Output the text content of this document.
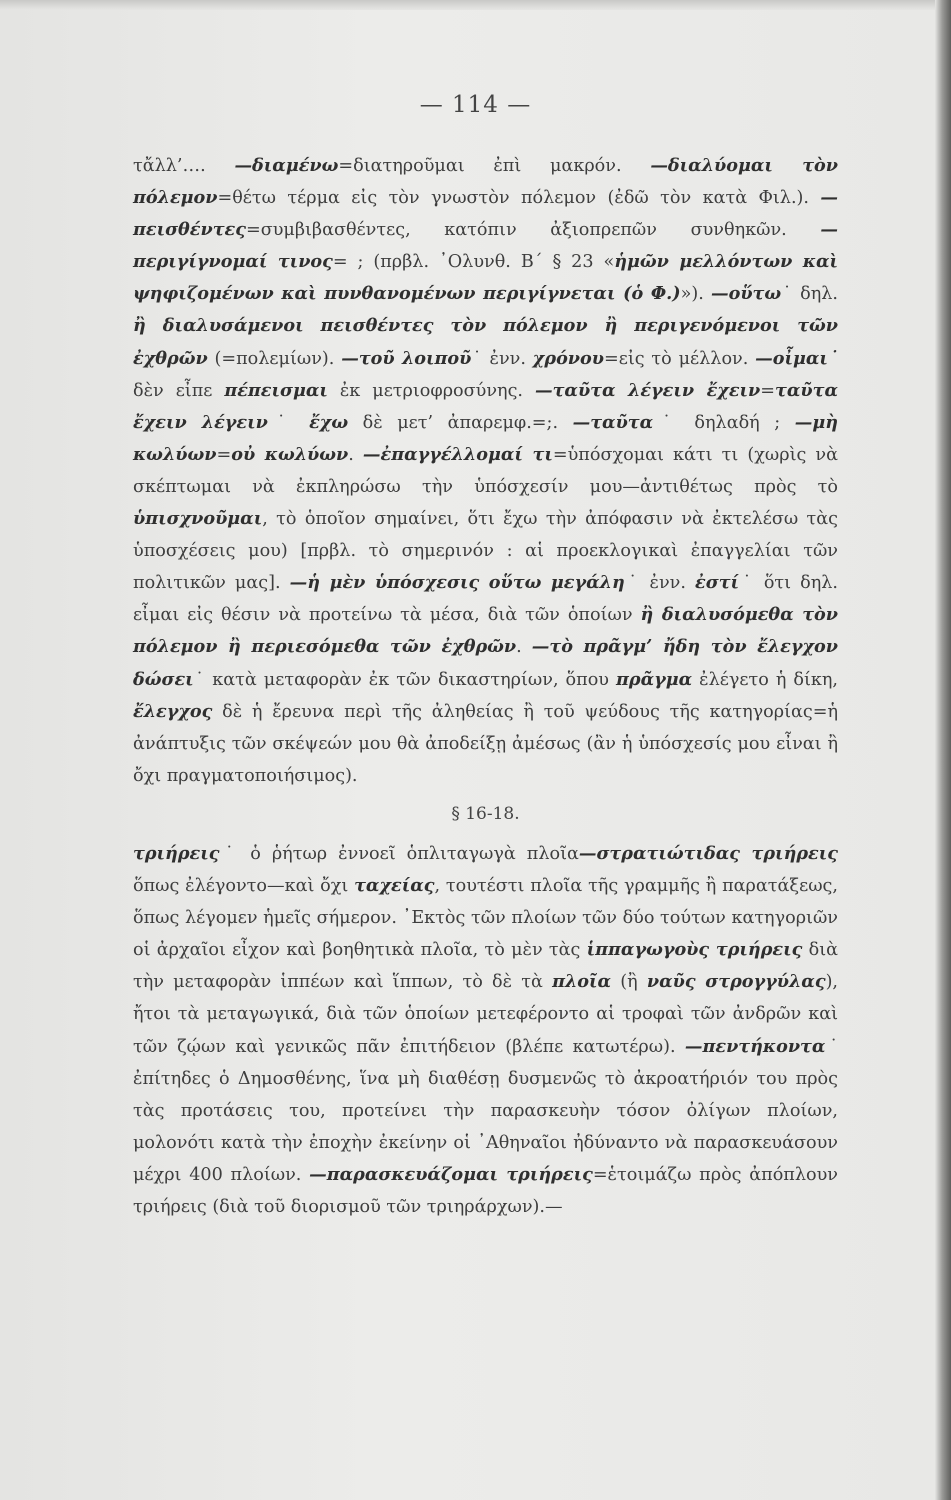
— 114 —

τἄλλ’…. —διαμένω=διατηροῦμαι ἐπὶ μακρόν. —διαλύομαι τὸν πόλεμον=θέτω τέρμα εἰς τὸν γνωστὸν πόλεμον (ἐδῶ τὸν κατὰ Φιλ.). —πεισθέντες=συμβιβασθέντες, κατόπιν ἀξιοπρεπῶν συνθηκῶν. — περιγίγνομαί τινος= ; (πρβλ. ᾿Ολυνθ. Β΄ § 23 «ἡμῶν μελλόντων καὶ ψηφιζομένων καὶ πυνθανομένων περιγίγνεται (ὁ Φ.)»). —οὕτω˙ δηλ. ἢ διαλυσάμενοι πεισθέντες τὸν πόλεμον ἢ περιγενόμενοι τῶν ἐχθρῶν (=πολεμίων). —τοῦ λοιποῦ˙ ἐνν. χρόνου=εἰς τὸ μέλλον. —οἶμαι˙ δὲν εἶπε πέπεισμαι ἐκ μετριοφροσύνης. —ταῦτα λέγειν ἔχειν=ταῦτα ἔχειν λέγειν˙ ἔχω δὲ μετ’ ἀπαρεμφ.=;. —ταῦτα˙ δηλαδή ; —μὴ κωλύων=οὐ κωλύων. —ἐπαγγέλλομαί τι=ὑπόσχομαι κάτι τι (χωρὶς νὰ σκέπτωμαι νὰ ἐκπληρώσω τὴν ὑπόσχεσίν μου—ἀντιθέτως πρὸς τὸ ὑπισχνοῦμαι, τὸ ὁποῖον σημαίνει, ὅτι ἔχω τὴν ἀπόφασιν νὰ ἐκτελέσω τὰς ὑποσχέσεις μου) [πρβλ. τὸ σημερινόν : αἱ προεκλογικαὶ ἐπαγγελίαι τῶν πολιτικῶν μας]. —ἡ μὲν ὑπόσχεσις οὕτω μεγάλη˙ ἐνν. ἐστί˙ ὅτι δηλ. εἶμαι εἰς θέσιν νὰ προτείνω τὰ μέσα, διὰ τῶν ὁποίων ἢ διαλυσόμεθα τὸν πόλεμον ἢ περιεσόμεθα τῶν ἐχθρῶν. —τὸ πρᾶγμ’ ἤδη τὸν ἔλεγχον δώσει˙ κατὰ μεταφορὰν ἐκ τῶν δικαστηρίων, ὅπου πρᾶγμα ἐλέγετο ἡ δίκη, ἔλεγχος δὲ ἡ ἔρευνα περὶ τῆς ἀληθείας ἢ τοῦ ψεύδους τῆς κατηγορίας=ἡ ἀνάπτυξις τῶν σκέψεών μου θὰ ἀποδείξῃ ἀμέσως (ἂν ἡ ὑπόσχεσίς μου εἶναι ἢ ὄχι πραγματοποιήσιμος).

§ 16-18.

τριήρεις˙ ὁ ῥήτωρ ἐννοεῖ ὁπλιταγωγὰ πλοῖα—στρατιώτιδας τριήρεις ὅπως ἐλέγοντο—καὶ ὄχι ταχείας, τουτέστι πλοῖα τῆς γραμμῆς ἢ παρατάξεως, ὅπως λέγομεν ἡμεῖς σήμερον. ᾿Εκτὸς τῶν πλοίων τῶν δύο τούτων κατηγοριῶν οἱ ἀρχαῖοι εἶχον καὶ βοηθητικὰ πλοῖα, τὸ μὲν τὰς ἱππαγωγοὺς τριήρεις διὰ τὴν μεταφορὰν ἱππέων καὶ ἵππων, τὸ δὲ τὰ πλοῖα (ἢ ναῦς στρογγύλας), ἤτοι τὰ μεταγωγικά, διὰ τῶν ὁποίων μετεφέροντο αἱ τροφαὶ τῶν ἀνδρῶν καὶ τῶν ζῴων καὶ γενικῶς πᾶν ἐπιτήδειον (βλέπε κατωτέρω). —πεντήκοντα˙ ἐπίτηδες ὁ Δημοσθένης, ἵνα μὴ διαθέσῃ δυσμενῶς τὸ ἀκροατήριόν του πρὸς τὰς προτάσεις του, προτείνει τὴν παρασκευὴν τόσον ὀλίγων πλοίων, μολονότι κατὰ τὴν ἐποχὴν ἐκείνην οἱ ᾿Αθηναῖοι ἠδύναντο νὰ παρασκευάσουν μέχρι 400 πλοίων. —παρασκευάζομαι τριήρεις=ἑτοιμάζω πρὸς ἀπόπλουν τριήρεις (διὰ τοῦ διορισμοῦ τῶν τριηράρχων).—
